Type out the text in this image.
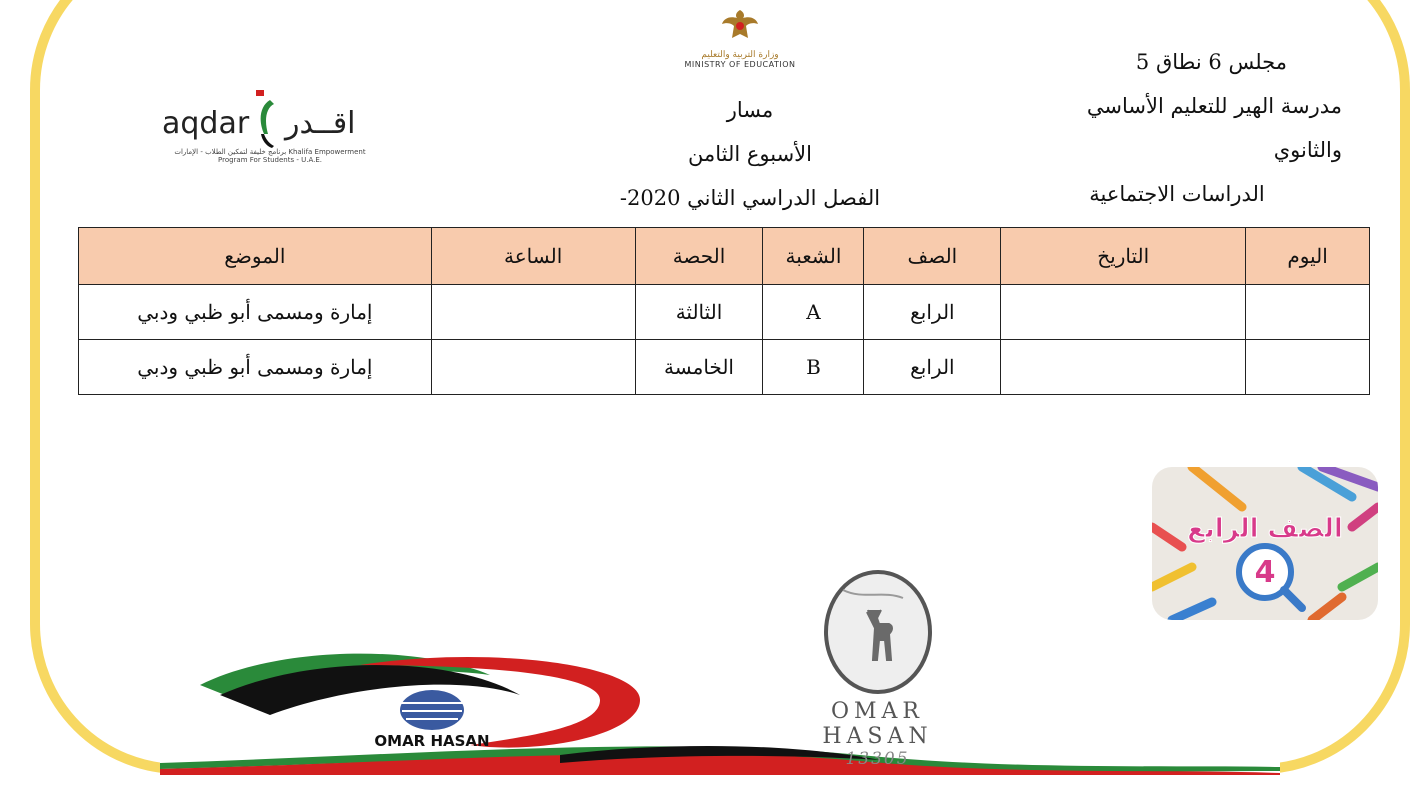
وزارة التربية والتعليم
MINISTRY OF EDUCATION
aqdar اقــدر
برنامج خليفة لتمكين الطلاب - الإمارات Khalifa Empowerment Program For Students - U.A.E.
مجلس 6 نطاق 5
مدرسة الهير للتعليم الأساسي والثانوي
الدراسات الاجتماعية
مسار
الأسبوع الثامن
الفصل الدراسي الثاني 2020-
اليوم	التاريخ	الصف	الشعبة	الحصة	الساعة	الموضع
		الرابع	A	الثالثة		إمارة ومسمى أبو ظبي ودبي
		الرابع	B	الخامسة		إمارة ومسمى أبو ظبي ودبي
الصف الرابع
4
OMAR HASAN
OMAR HASAN
13305
